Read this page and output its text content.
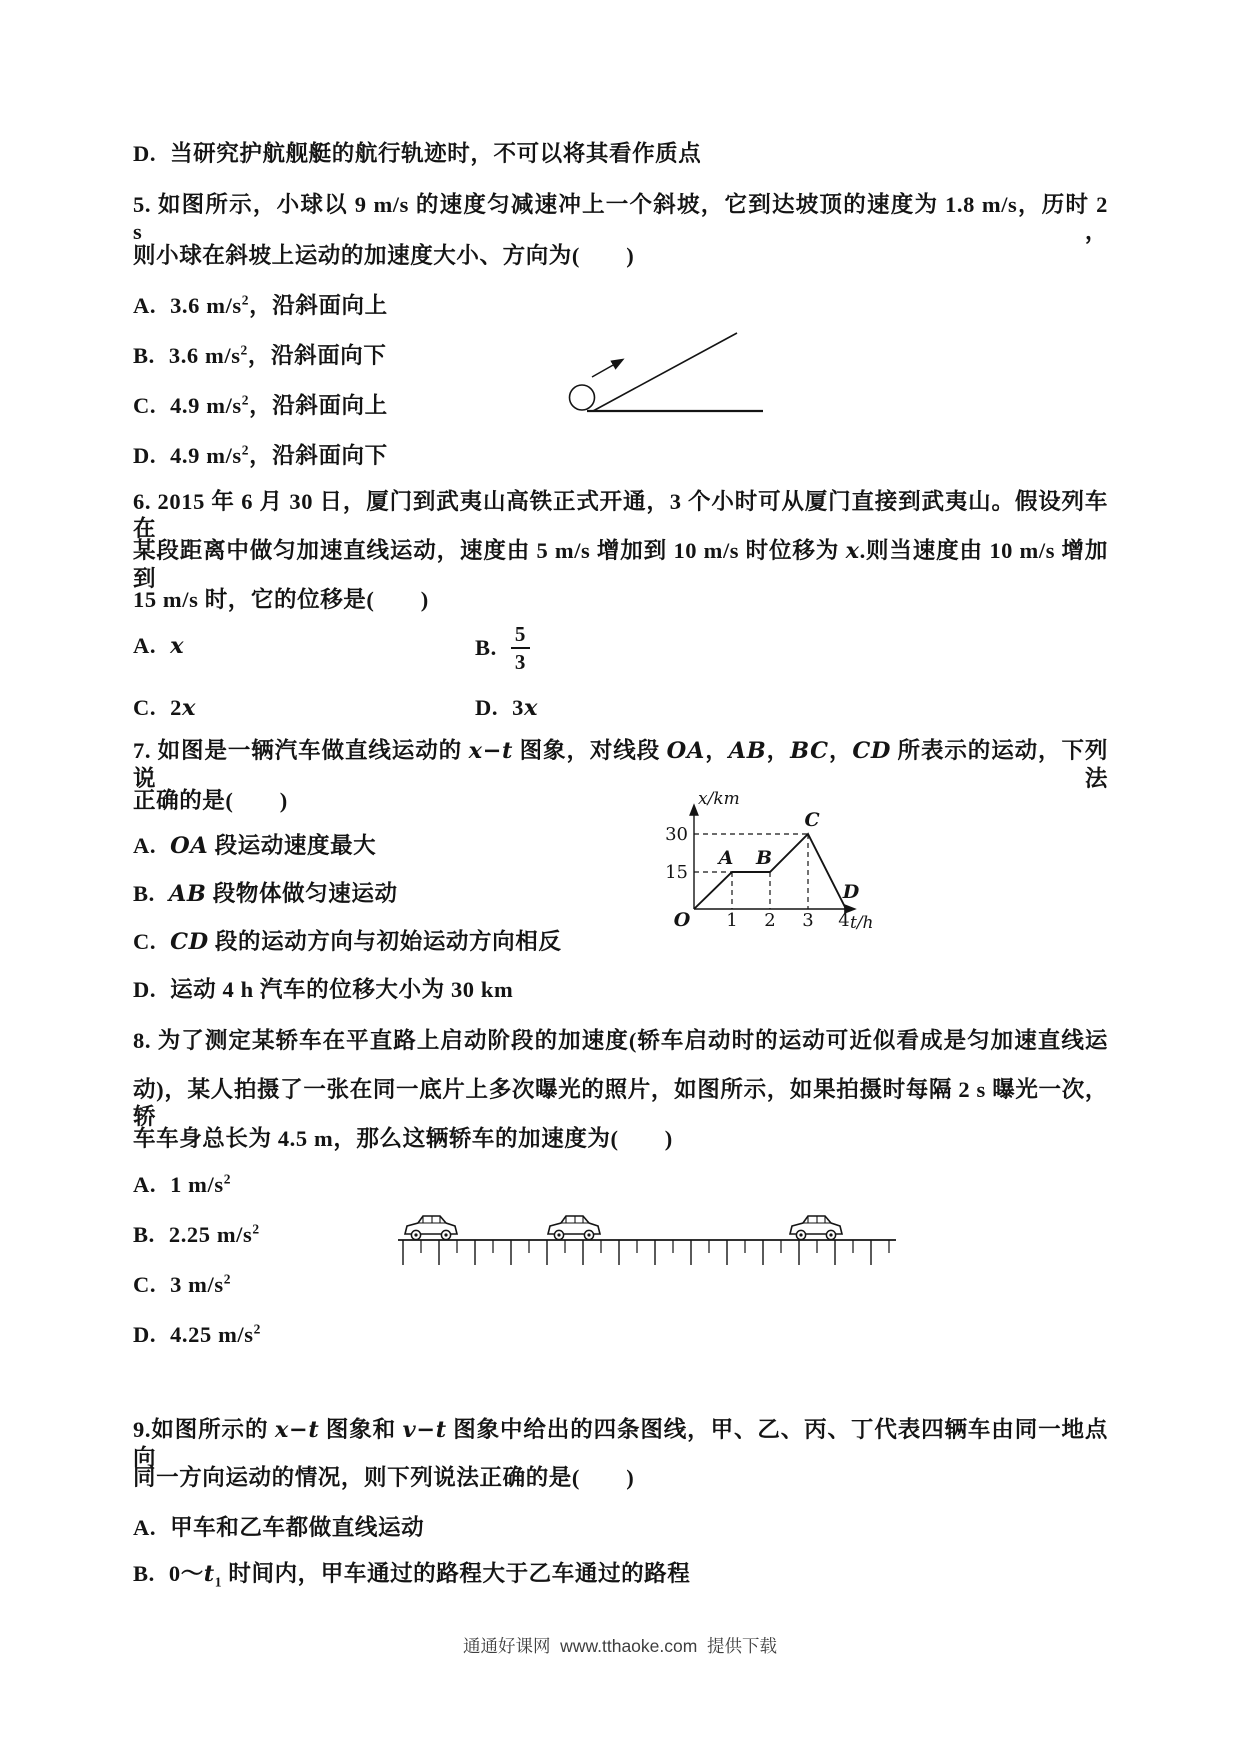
D. 当研究护航舰艇的航行轨迹时，不可以将其看作质点
5. 如图所示，小球以 9 m/s 的速度匀减速冲上一个斜坡，它到达坡顶的速度为 1.8 m/s，历时 2 s，
则小球在斜坡上运动的加速度大小、方向为(　　)
A. 3.6 $m/s^2$，沿斜面向上
B. 3.6 $m/s^2$，沿斜面向下
C. 4.9 $m/s^2$，沿斜面向上
D. 4.9 $m/s^2$，沿斜面向下
6. 2015 年 6 月 30 日，厦门到武夷山高铁正式开通，3 个小时可从厦门直接到武夷山。假设列车在
某段距离中做匀加速直线运动，速度由 5 m/s 增加到 10 m/s 时位移为 x.则当速度由 10 m/s 增加到
15 m/s 时，它的位移是(　　)
A. x	B. $\frac{5}{3}$
C. 2x	D. 3x
7. 如图是一辆汽车做直线运动的 x−t 图象，对线段 OA，AB，BC，CD 所表示的运动，下列说法
正确的是(　　)
A. OA 段运动速度最大
B. AB 段物体做匀速运动
C. CD 段的运动方向与初始运动方向相反
D. 运动 4 h 汽车的位移大小为 30 km
x/km
t/h
30
15
O 1 2 3 4
A B
C
D
8. 为了测定某轿车在平直路上启动阶段的加速度(轿车启动时的运动可近似看成是匀加速直线运
动)，某人拍摄了一张在同一底片上多次曝光的照片，如图所示，如果拍摄时每隔 2 s 曝光一次，轿
车车身总长为 4.5 m，那么这辆轿车的加速度为(　　)
A. 1 $m/s^2$
B. 2.25 $m/s^2$
C. 3 $m/s^2$
D. 4.25 $m/s^2$
9.如图所示的 x−t 图象和 v−t 图象中给出的四条图线，甲、乙、丙、丁代表四辆车由同一地点向
同一方向运动的情况，则下列说法正确的是(　　)
A. 甲车和乙车都做直线运动
B. $0\sim t_1$ 时间内，甲车通过的路程大于乙车通过的路程
通通好课网  www.tthaoke.com  提供下载
